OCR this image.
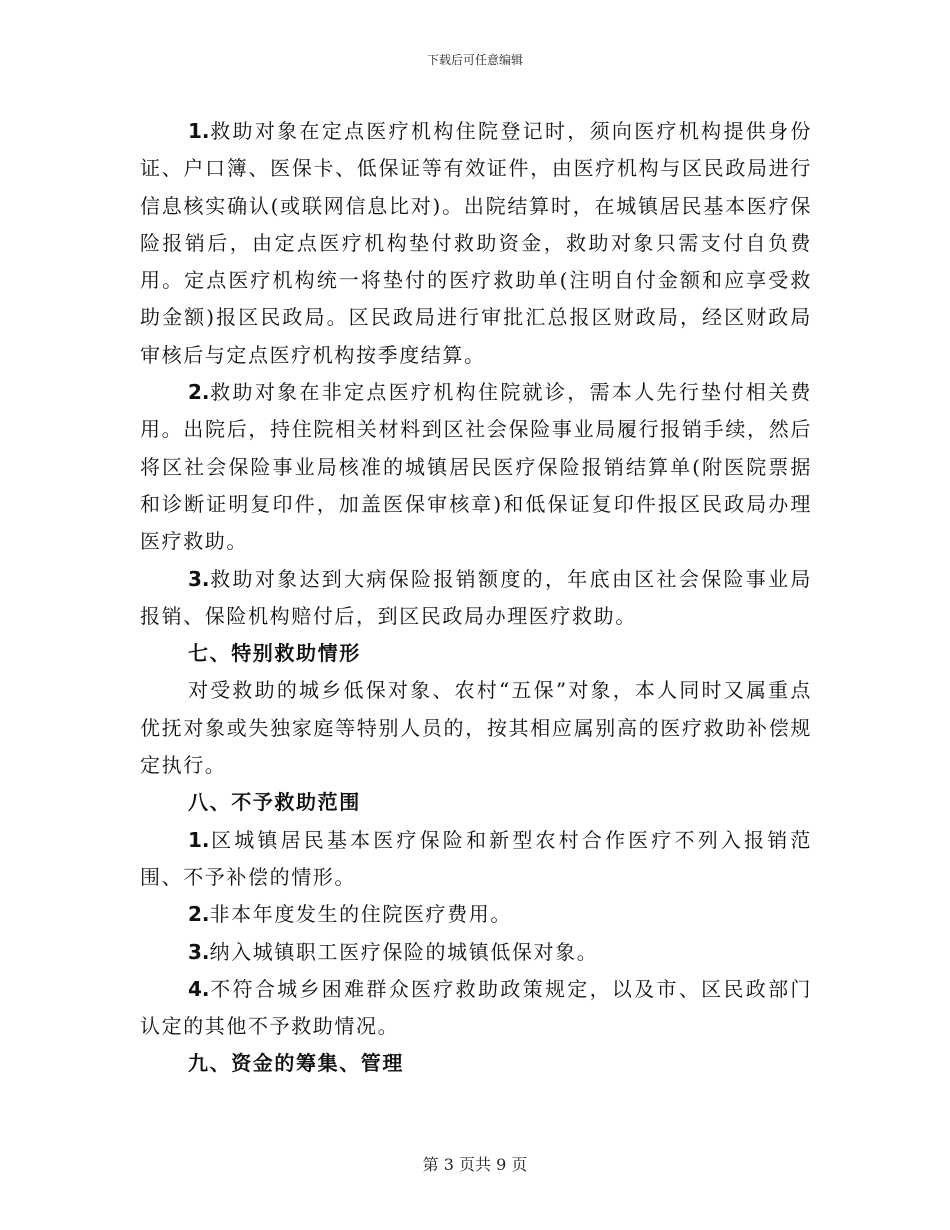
下载后可任意编辑

1.救助对象在定点医疗机构住院登记时，须向医疗机构提供身份证、户口簿、医保卡、低保证等有效证件，由医疗机构与区民政局进行信息核实确认(或联网信息比对)。出院结算时，在城镇居民基本医疗保险报销后，由定点医疗机构垫付救助资金，救助对象只需支付自负费用。定点医疗机构统一将垫付的医疗救助单(注明自付金额和应享受救助金额)报区民政局。区民政局进行审批汇总报区财政局，经区财政局审核后与定点医疗机构按季度结算。

2.救助对象在非定点医疗机构住院就诊，需本人先行垫付相关费用。出院后，持住院相关材料到区社会保险事业局履行报销手续，然后将区社会保险事业局核准的城镇居民医疗保险报销结算单(附医院票据和诊断证明复印件，加盖医保审核章)和低保证复印件报区民政局办理医疗救助。

3.救助对象达到大病保险报销额度的，年底由区社会保险事业局报销、保险机构赔付后，到区民政局办理医疗救助。

七、特别救助情形

对受救助的城乡低保对象、农村“五保”对象，本人同时又属重点优抚对象或失独家庭等特别人员的，按其相应属别高的医疗救助补偿规定执行。

八、不予救助范围

1.区城镇居民基本医疗保险和新型农村合作医疗不列入报销范围、不予补偿的情形。

2.非本年度发生的住院医疗费用。

3.纳入城镇职工医疗保险的城镇低保对象。

4.不符合城乡困难群众医疗救助政策规定，以及市、区民政部门认定的其他不予救助情况。

九、资金的筹集、管理

第 3 页共 9 页
